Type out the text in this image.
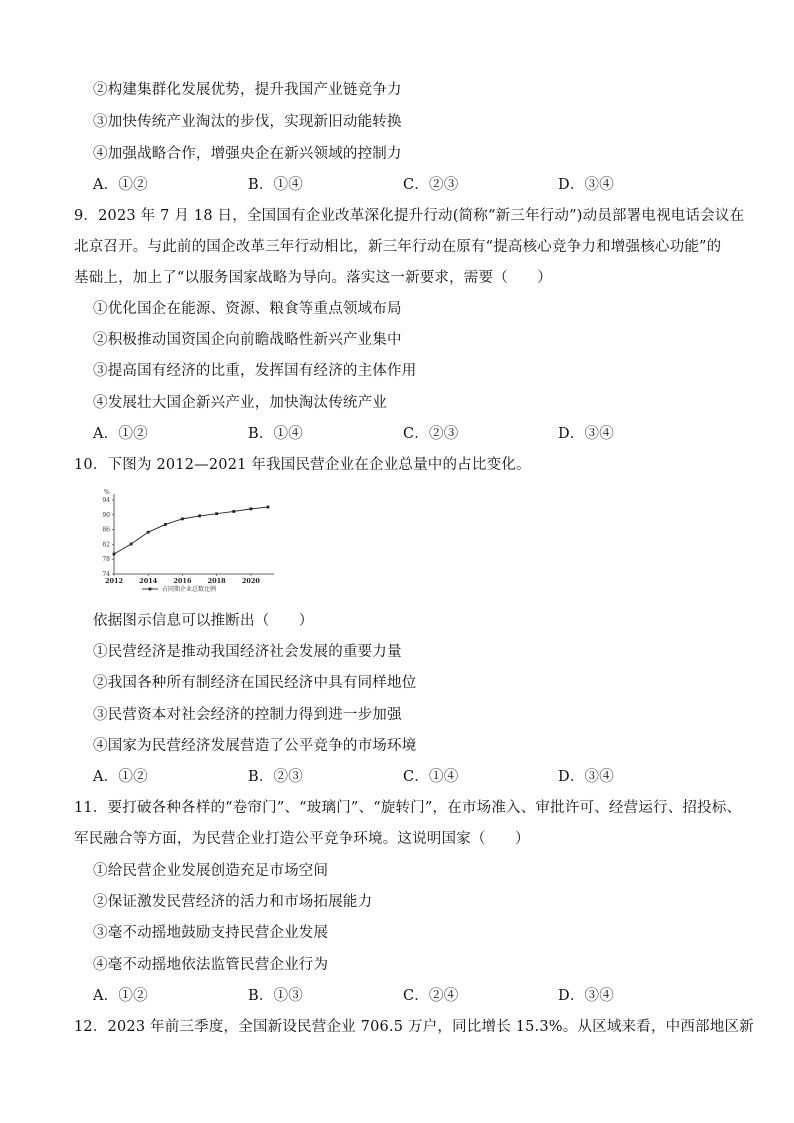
②构建集群化发展优势，提升我国产业链竞争力
③加快传统产业淘汰的步伐，实现新旧动能转换
④加强战略合作，增强央企在新兴领域的控制力
A．①②	B．①④	C．②③	D．③④
9．2023 年 7 月 18 日，全国国有企业改革深化提升行动(简称“新三年行动”)动员部署电视电话会议在
北京召开。与此前的国企改革三年行动相比，新三年行动在原有“提高核心竞争力和增强核心功能”的
基础上，加上了“以服务国家战略为导向。落实这一新要求，需要（　　）
①优化国企在能源、资源、粮食等重点领域布局
②积极推动国资国企向前瞻战略性新兴产业集中
③提高国有经济的比重，发挥国有经济的主体作用
④发展壮大国企新兴产业，加快淘汰传统产业
A．①②	B．①④	C．②③	D．③④
10．下图为 2012—2021 年我国民营企业在企业总量中的占比变化。
%
74
78
82
86
90
94
2012 2014 2016 2018 2020
占同期企业总数比例
依据图示信息可以推断出（　　）
①民营经济是推动我国经济社会发展的重要力量
②我国各种所有制经济在国民经济中具有同样地位
③民营资本对社会经济的控制力得到进一步加强
④国家为民营经济发展营造了公平竞争的市场环境
A．①②	B．②③	C．①④	D．③④
11．要打破各种各样的“卷帘门”、“玻璃门”、“旋转门”，在市场准入、审批许可、经营运行、招投标、
军民融合等方面，为民营企业打造公平竞争环境。这说明国家（　　）
①给民营企业发展创造充足市场空间
②保证激发民营经济的活力和市场拓展能力
③毫不动摇地鼓励支持民营企业发展
④毫不动摇地依法监管民营企业行为
A．①②	B．①③	C．②④	D．③④
12．2023 年前三季度，全国新设民营企业 706.5 万户，同比增长 15.3%。从区域来看，中西部地区新
